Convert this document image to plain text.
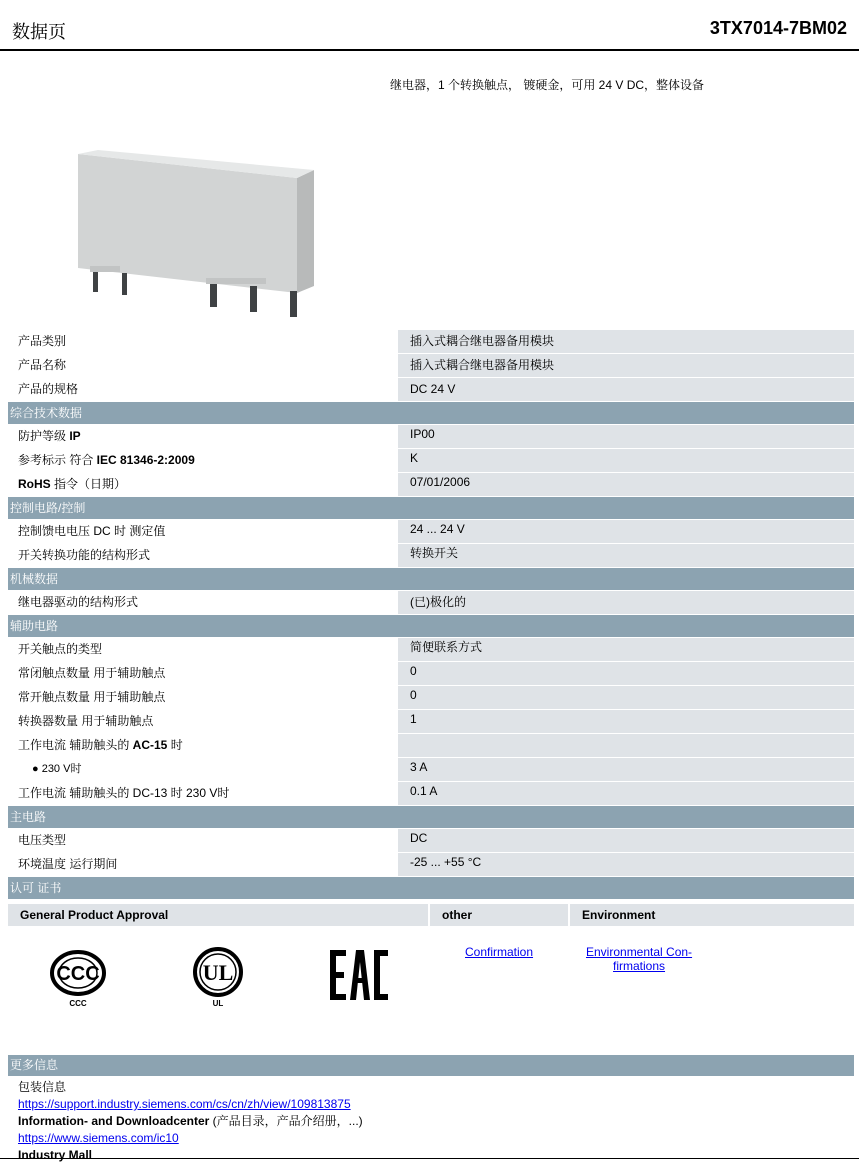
数据页	3TX7014-7BM02
继电器，1 个转换触点， 镀硬金，可用 24 V DC，整体设备
产品类别	插入式耦合继电器备用模块
产品名称	插入式耦合继电器备用模块
产品的规格	DC 24 V
综合技术数据
防护等级 IP	IP00
参考标示 符合 IEC 81346-2:2009	K
RoHS 指令（日期）	07/01/2006
控制电路/控制
控制馈电电压 DC 时 测定值	24 ... 24 V
开关转换功能的结构形式	转换开关
机械数据
继电器驱动的结构形式	(已)极化的
辅助电路
开关触点的类型	简便联系方式
常闭触点数量 用于辅助触点	0
常开触点数量 用于辅助触点	0
转换器数量 用于辅助触点	1
工作电流 辅助触头的 AC-15 时
● 230 V时	3 A
工作电流 辅助触头的 DC-13 时 230 V时	0.1 A
主电路
电压类型	DC
环境温度 运行期间	-25 ... +55 °C
认可 证书
General Product Approval	other	Environment
CCC
CCC
UL
UL
Confirmation	Environmental Con-
firmations
更多信息
包装信息
https://support.industry.siemens.com/cs/cn/zh/view/109813875
Information- and Downloadcenter (产品目录，产品介绍册，...)
https://www.siemens.com/ic10
Industry Mall
